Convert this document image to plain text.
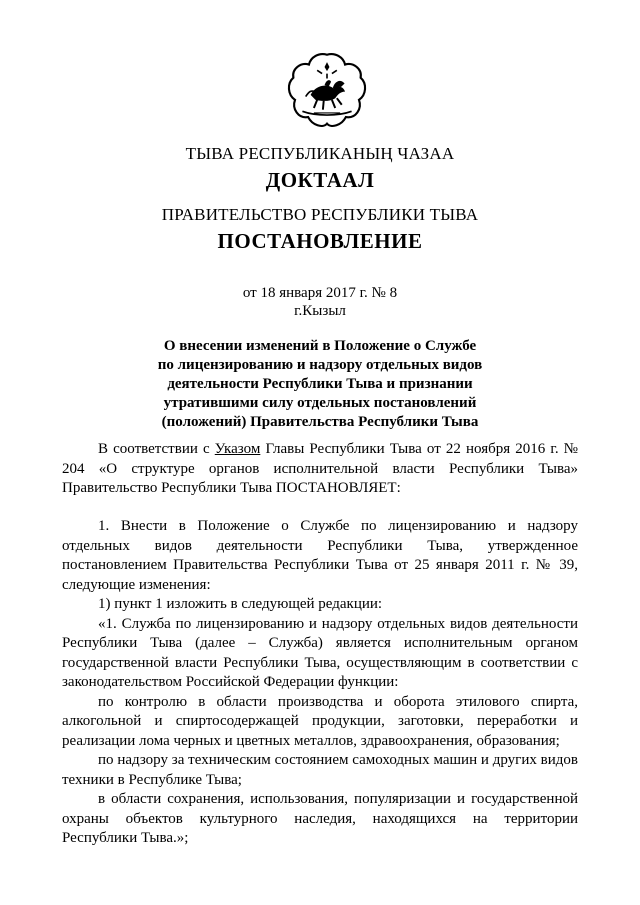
ТЫВА РЕСПУБЛИКАНЫҢ ЧАЗАА
ДОКТААЛ
ПРАВИТЕЛЬСТВО РЕСПУБЛИКИ ТЫВА
ПОСТАНОВЛЕНИЕ
от 18 января 2017 г. № 8
г.Кызыл
О внесении изменений в Положение о Службе
по лицензированию и надзору отдельных видов
деятельности Республики Тыва и признании
утратившими силу отдельных постановлений
(положений) Правительства Республики Тыва

В соответствии с Указом Главы Республики Тыва от 22 ноября 2016 г. № 204 «О структуре органов исполнительной власти Республики Тыва» Правительство Республики Тыва ПОСТАНОВЛЯЕТ:

1. Внести в Положение о Службе по лицензированию и надзору отдельных видов деятельности Республики Тыва, утвержденное постановлением Правительства Республики Тыва от 25 января 2011 г. № 39, следующие изменения:

1) пункт 1 изложить в следующей редакции:

«1. Служба по лицензированию и надзору отдельных видов деятельности Республики Тыва (далее – Служба) является исполнительным органом государственной власти Республики Тыва, осуществляющим в соответствии с законодательством Российской Федерации функции:

по контролю в области производства и оборота этилового спирта, алкогольной и спиртосодержащей продукции, заготовки, переработки и реализации лома черных и цветных металлов, здравоохранения, образования;

по надзору за техническим состоянием самоходных машин и других видов техники в Республике Тыва;

в области сохранения, использования, популяризации и государственной охраны объектов культурного наследия, находящихся на территории Республики Тыва.»;
